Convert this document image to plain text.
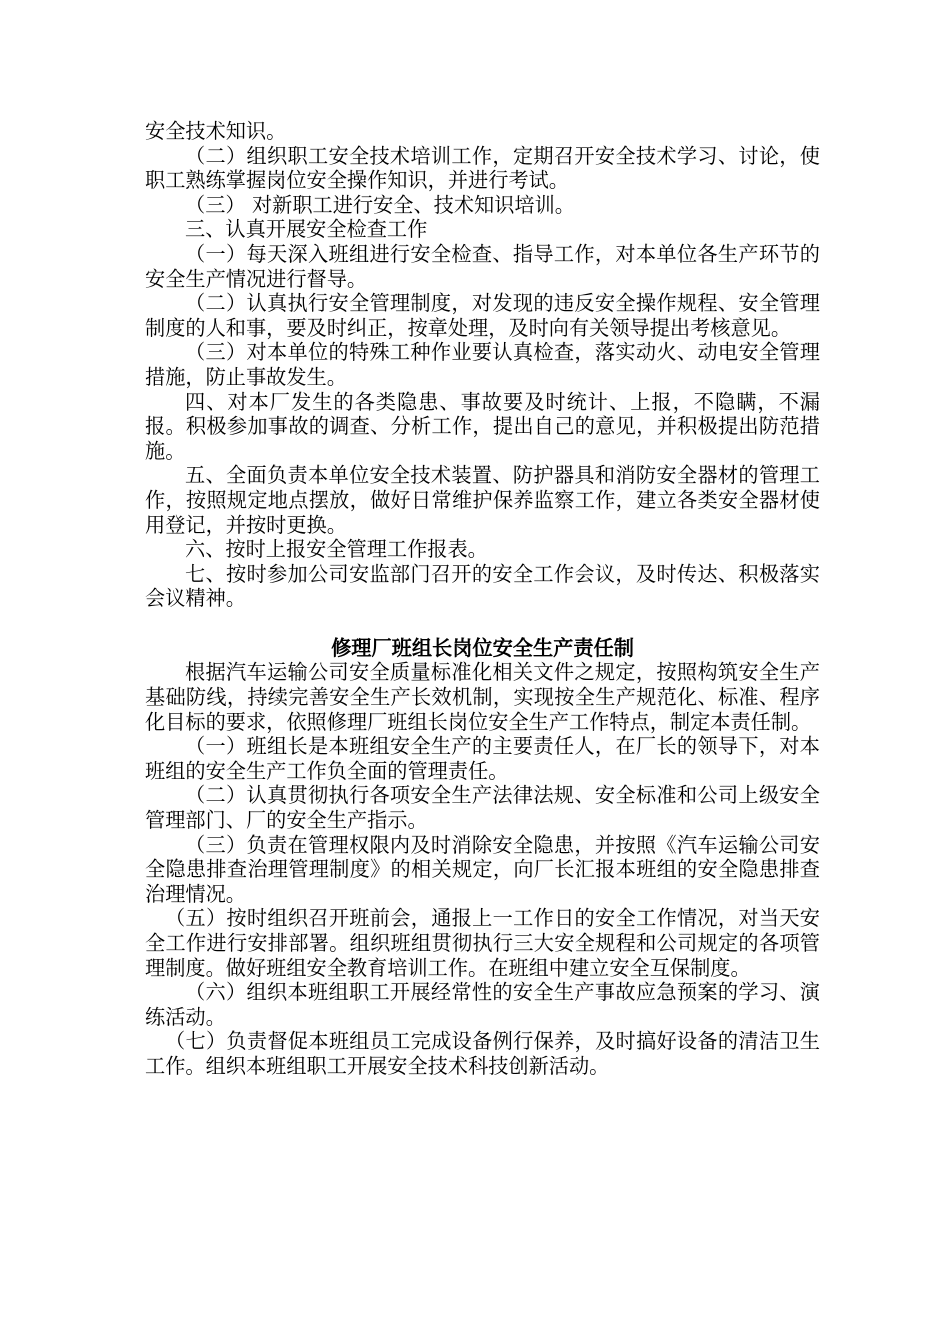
安全技术知识。

（二）组织职工安全技术培训工作，定期召开安全技术学习、讨论，使职工熟练掌握岗位安全操作知识，并进行考试。

（三） 对新职工进行安全、技术知识培训。

三、认真开展安全检查工作

（一）每天深入班组进行安全检查、指导工作，对本单位各生产环节的安全生产情况进行督导。

（二）认真执行安全管理制度，对发现的违反安全操作规程、安全管理制度的人和事，要及时纠正，按章处理，及时向有关领导提出考核意见。

（三）对本单位的特殊工种作业要认真检查，落实动火、动电安全管理措施，防止事故发生。

四、对本厂发生的各类隐患、事故要及时统计、上报，不隐瞒，不漏报。积极参加事故的调查、分析工作，提出自己的意见，并积极提出防范措施。

五、全面负责本单位安全技术装置、防护器具和消防安全器材的管理工作，按照规定地点摆放，做好日常维护保养监察工作，建立各类安全器材使用登记，并按时更换。

六、按时上报安全管理工作报表。

七、按时参加公司安监部门召开的安全工作会议，及时传达、积极落实会议精神。

修理厂班组长岗位安全生产责任制

根据汽车运输公司安全质量标准化相关文件之规定，按照构筑安全生产基础防线，持续完善安全生产长效机制，实现按全生产规范化、标准、程序化目标的要求，依照修理厂班组长岗位安全生产工作特点，制定本责任制。

（一）班组长是本班组安全生产的主要责任人，在厂长的领导下，对本班组的安全生产工作负全面的管理责任。

（二）认真贯彻执行各项安全生产法律法规、安全标准和公司上级安全管理部门、厂的安全生产指示。

（三）负责在管理权限内及时消除安全隐患，并按照《汽车运输公司安全隐患排查治理管理制度》的相关规定，向厂长汇报本班组的安全隐患排查治理情况。

（五）按时组织召开班前会，通报上一工作日的安全工作情况，对当天安全工作进行安排部署。组织班组贯彻执行三大安全规程和公司规定的各项管理制度。做好班组安全教育培训工作。在班组中建立安全互保制度。

（六）组织本班组职工开展经常性的安全生产事故应急预案的学习、演练活动。

（七）负责督促本班组员工完成设备例行保养，及时搞好设备的清洁卫生工作。组织本班组职工开展安全技术科技创新活动。
